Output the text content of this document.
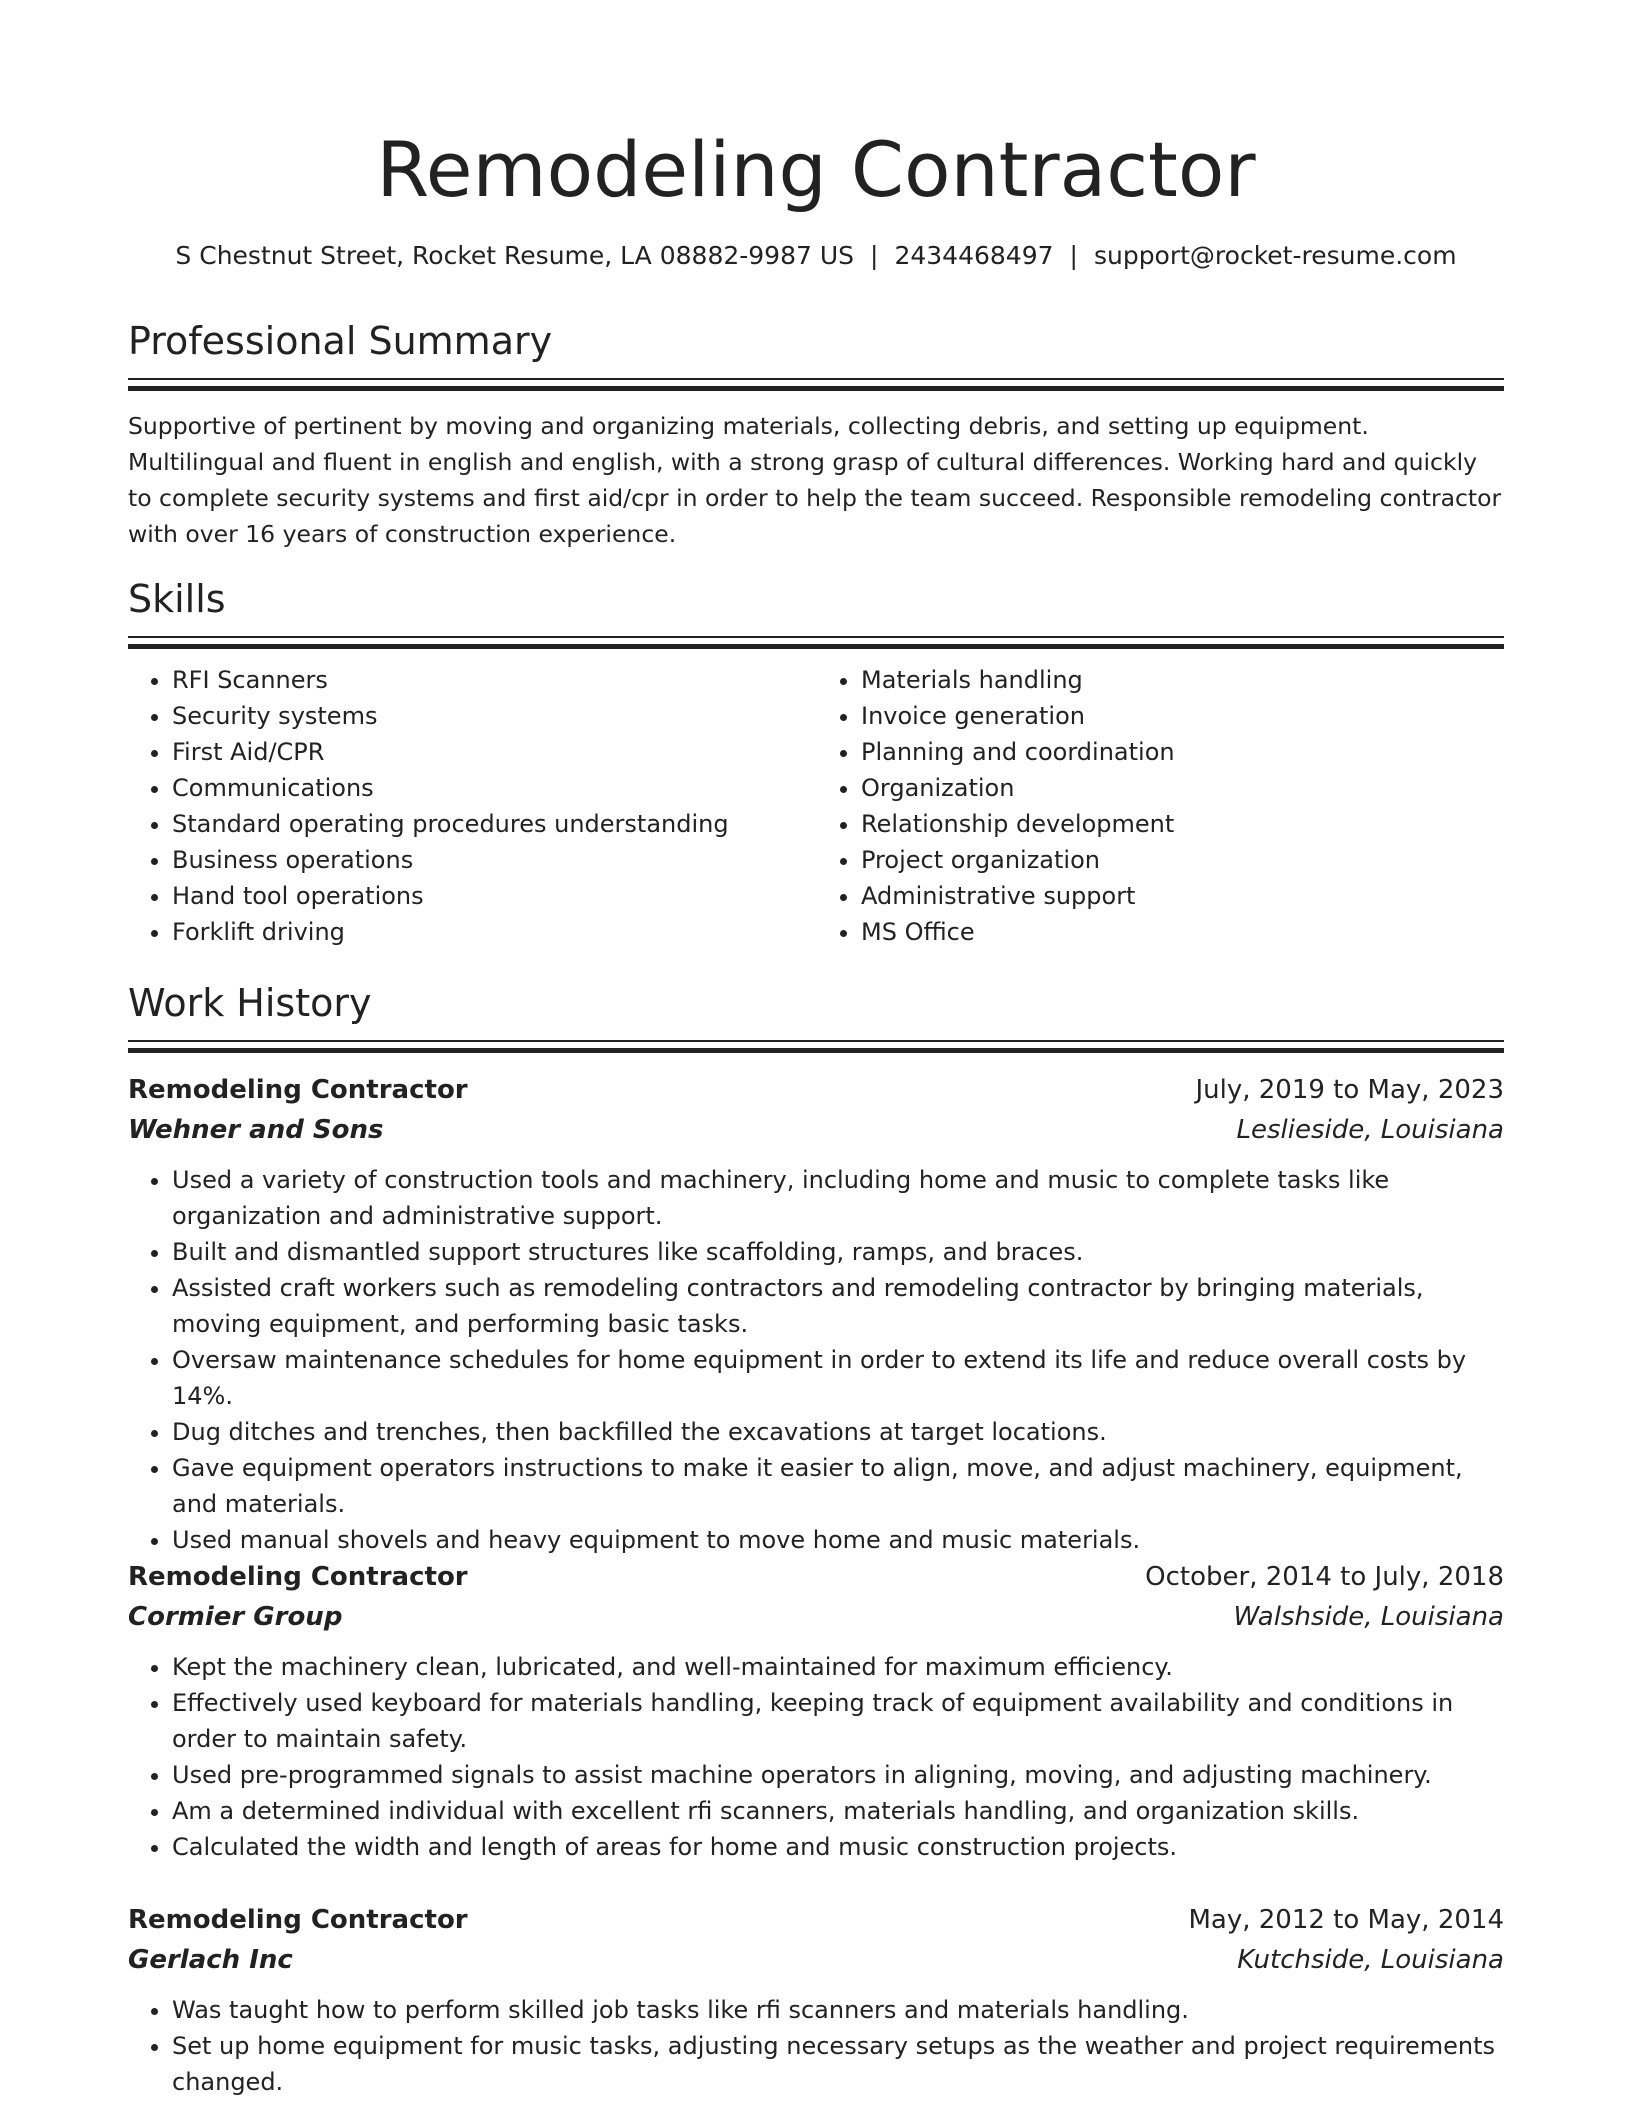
Remodeling Contractor
S Chestnut Street, Rocket Resume, LA 08882-9987 US | 2434468497 | support@rocket-resume.com
Professional Summary

Supportive of pertinent by moving and organizing materials, collecting debris, and setting up equipment. Multilingual and fluent in english and english, with a strong grasp of cultural differences. Working hard and quickly to complete security systems and first aid/cpr in order to help the team succeed. Responsible remodeling contractor with over 16 years of construction experience.

Skills
• RFI Scanners
• Security systems
• First Aid/CPR
• Communications
• Standard operating procedures understanding
• Business operations
• Hand tool operations
• Forklift driving
• Materials handling
• Invoice generation
• Planning and coordination
• Organization
• Relationship development
• Project organization
• Administrative support
• MS Office
Work History
Remodeling Contractor	July, 2019 to May, 2023
Wehner and Sons	Leslieside, Louisiana
• Used a variety of construction tools and machinery, including home and music to complete tasks like organization and administrative support.
• Built and dismantled support structures like scaffolding, ramps, and braces.
• Assisted craft workers such as remodeling contractors and remodeling contractor by bringing materials, moving equipment, and performing basic tasks.
• Oversaw maintenance schedules for home equipment in order to extend its life and reduce overall costs by 14%.
• Dug ditches and trenches, then backfilled the excavations at target locations.
• Gave equipment operators instructions to make it easier to align, move, and adjust machinery, equipment, and materials.
• Used manual shovels and heavy equipment to move home and music materials.
Remodeling Contractor	October, 2014 to July, 2018
Cormier Group	Walshside, Louisiana
• Kept the machinery clean, lubricated, and well-maintained for maximum efficiency.
• Effectively used keyboard for materials handling, keeping track of equipment availability and conditions in order to maintain safety.
• Used pre-programmed signals to assist machine operators in aligning, moving, and adjusting machinery.
• Am a determined individual with excellent rfi scanners, materials handling, and organization skills.
• Calculated the width and length of areas for home and music construction projects.
Remodeling Contractor	May, 2012 to May, 2014
Gerlach Inc	Kutchside, Louisiana
• Was taught how to perform skilled job tasks like rfi scanners and materials handling.
• Set up home equipment for music tasks, adjusting necessary setups as the weather and project requirements changed.
